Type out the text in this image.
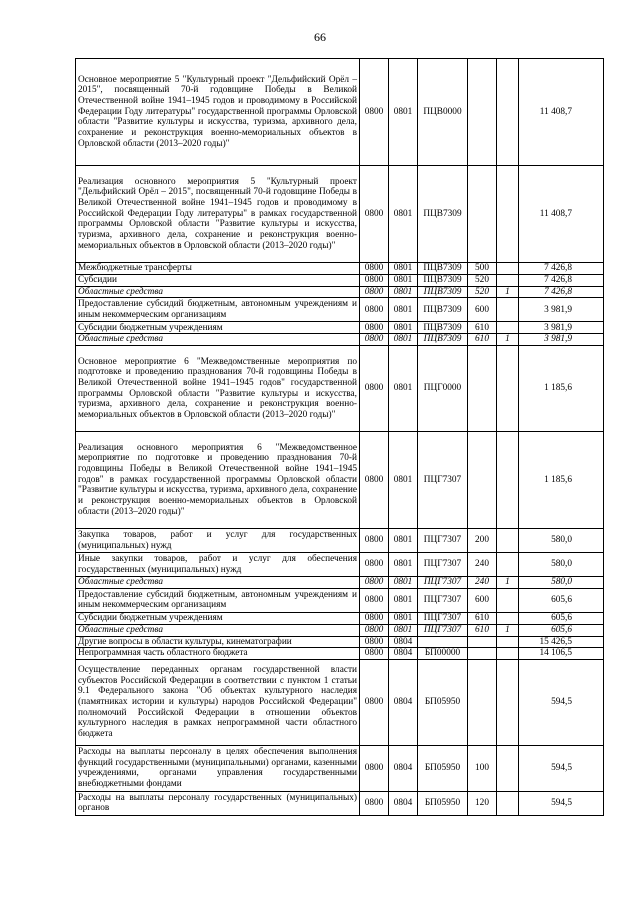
66
Основное мероприятие 5 "Культурный проект "Дельфийский Орёл – 2015", посвященный 70-й годовщине Победы в Великой Отечественной войне 1941–1945 годов и проводимому в Российской Федерации Году литературы" государственной программы Орловской области "Развитие культуры и искусства, туризма, архивного дела, сохранение и реконструкция военно-мемориальных объектов в Орловской области (2013–2020 годы)"	0800	0801	ПЦВ0000			11 408,7
Реализация основного мероприятия 5 "Культурный проект "Дельфийский Орёл – 2015", посвященный 70-й годовщине Победы в Великой Отечественной войне 1941–1945 годов и проводимому в Российской Федерации Году литературы" в рамках государственной программы Орловской области "Развитие культуры и искусства, туризма, архивного дела, сохранение и реконструкция военно-мемориальных объектов в Орловской области (2013–2020 годы)"	0800	0801	ПЦВ7309			11 408,7
Межбюджетные трансферты	0800	0801	ПЦВ7309	500		7 426,8
Субсидии	0800	0801	ПЦВ7309	520		7 426,8
Областные средства	0800	0801	ПЦВ7309	520	1	7 426,8
Предоставление субсидий бюджетным, автономным учреждениям и иным некоммерческим организациям	0800	0801	ПЦВ7309	600		3 981,9
Субсидии бюджетным учреждениям	0800	0801	ПЦВ7309	610		3 981,9
Областные средства	0800	0801	ПЦВ7309	610	1	3 981,9
Основное мероприятие 6 "Межведомственные мероприятия по подготовке и проведению празднования 70-й годовщины Победы в Великой Отечественной войне 1941–1945 годов" государственной программы Орловской области "Развитие культуры и искусства, туризма, архивного дела, сохранение и реконструкция военно-мемориальных объектов в Орловской области (2013–2020 годы)"	0800	0801	ПЦГ0000			1 185,6
Реализация основного мероприятия 6 "Межведомственное мероприятие по подготовке и проведению празднования 70-й годовщины Победы в Великой Отечественной войне 1941–1945 годов" в рамках государственной программы Орловской области "Развитие культуры и искусства, туризма, архивного дела, сохранение и реконструкция военно-мемориальных объектов в Орловской области (2013–2020 годы)"	0800	0801	ПЦГ7307			1 185,6
Закупка товаров, работ и услуг для государственных (муниципальных) нужд	0800	0801	ПЦГ7307	200		580,0
Иные закупки товаров, работ и услуг для обеспечения государственных (муниципальных) нужд	0800	0801	ПЦГ7307	240		580,0
Областные средства	0800	0801	ПЦГ7307	240	1	580,0
Предоставление субсидий бюджетным, автономным учреждениям и иным некоммерческим организациям	0800	0801	ПЦГ7307	600		605,6
Субсидии бюджетным учреждениям	0800	0801	ПЦГ7307	610		605,6
Областные средства	0800	0801	ПЦГ7307	610	1	605,6
Другие вопросы в области культуры, кинематографии	0800	0804				15 426,5
Непрограммная часть областного бюджета	0800	0804	БП00000			14 106,5
Осуществление переданных органам государственной власти субъектов Российской Федерации в соответствии с пунктом 1 статьи 9.1 Федерального закона "Об объектах культурного наследия (памятниках истории и культуры) народов Российской Федерации" полномочий Российской Федерации в отношении объектов культурного наследия в рамках непрограммной части областного бюджета	0800	0804	БП05950			594,5
Расходы на выплаты персоналу в целях обеспечения выполнения функций государственными (муниципальными) органами, казенными учреждениями, органами управления государственными внебюджетными фондами	0800	0804	БП05950	100		594,5
Расходы на выплаты персоналу государственных (муниципальных) органов	0800	0804	БП05950	120		594,5
